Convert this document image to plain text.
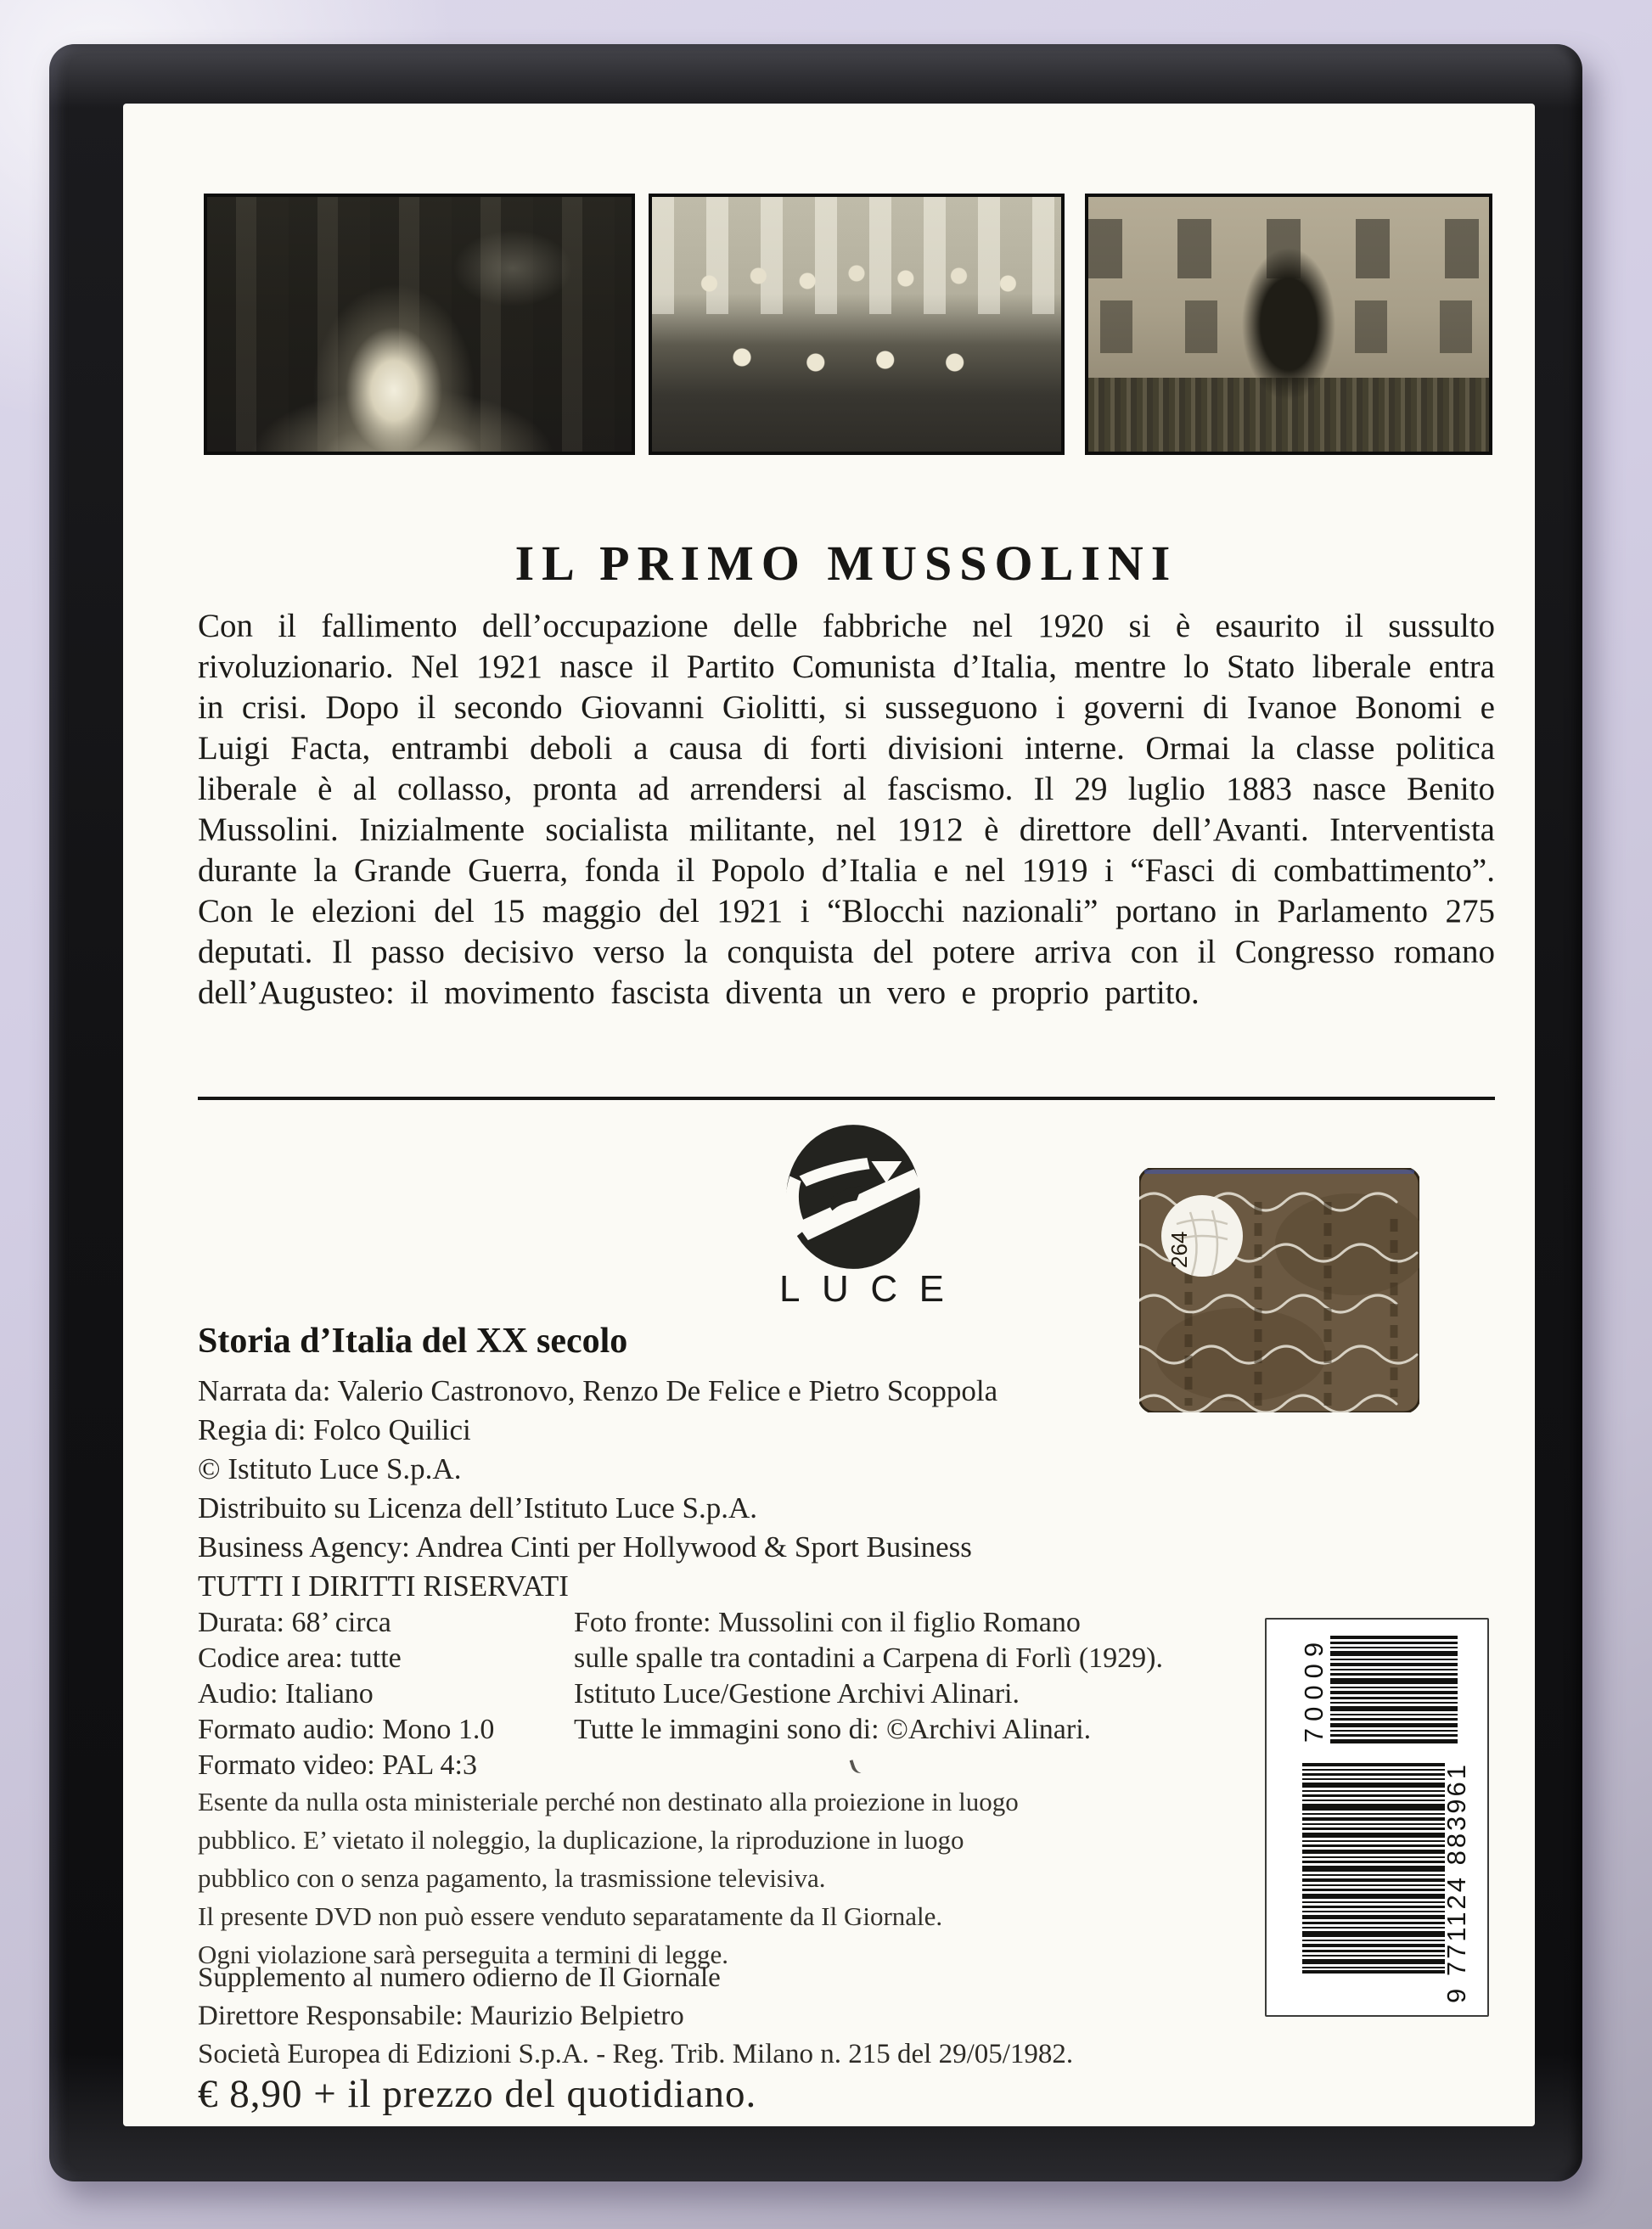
IL PRIMO MUSSOLINI

Con il fallimento dell’occupazione delle fabbriche nel 1920 si è esaurito il sussulto rivoluzionario. Nel 1921 nasce il Partito Comunista d’Italia, mentre lo Stato liberale entra in crisi. Dopo il secondo Giovanni Giolitti, si susseguono i governi di Ivanoe Bonomi e Luigi Facta, entrambi deboli a causa di forti divisioni interne. Ormai la classe politica liberale è al collasso, pronta ad arrendersi al fascismo. Il 29 luglio 1883 nasce Benito Mussolini. Inizialmente socialista militante, nel 1912 è direttore dell’Avanti. Interventista durante la Grande Guerra, fonda il Popolo d’Italia e nel 1919 i “Fasci di combattimento”. Con le elezioni del 15 maggio del 1921 i “Blocchi nazionali” portano in Parlamento 275 deputati. Il passo decisivo verso la conquista del potere arriva con il Congresso romano dell’Augusteo: il movimento fascista diventa un vero e proprio partito.

LUCE
264
Storia d’Italia del XX secolo
Narrata da: Valerio Castronovo, Renzo De Felice e Pietro Scoppola
Regia di: Folco Quilici
© Istituto Luce S.p.A.
Distribuito su Licenza dell’Istituto Luce S.p.A.
Business Agency: Andrea Cinti per Hollywood & Sport Business
TUTTI I DIRITTI RISERVATI
Durata: 68’ circa
Codice area: tutte
Audio: Italiano
Formato audio: Mono 1.0
Formato video: PAL 4:3
Foto fronte: Mussolini con il figlio Romano
sulle spalle tra contadini a Carpena di Forlì (1929).
Istituto Luce/Gestione Archivi Alinari.
Tutte le immagini sono di: ©Archivi Alinari.
Esente da nulla osta ministeriale perché non destinato alla proiezione in luogo
pubblico. E’ vietato il noleggio, la duplicazione, la riproduzione in luogo
pubblico con o senza pagamento, la trasmissione televisiva.
Il presente DVD non può essere venduto separatamente da Il Giornale.
Ogni violazione sarà perseguita a termini di legge.
Supplemento al numero odierno de Il Giornale
Direttore Responsabile: Maurizio Belpietro
Società Europea di Edizioni S.p.A. - Reg. Trib. Milano n. 215 del 29/05/1982.

€ 8,90 + il prezzo del quotidiano.

70009
9 771124 883961
